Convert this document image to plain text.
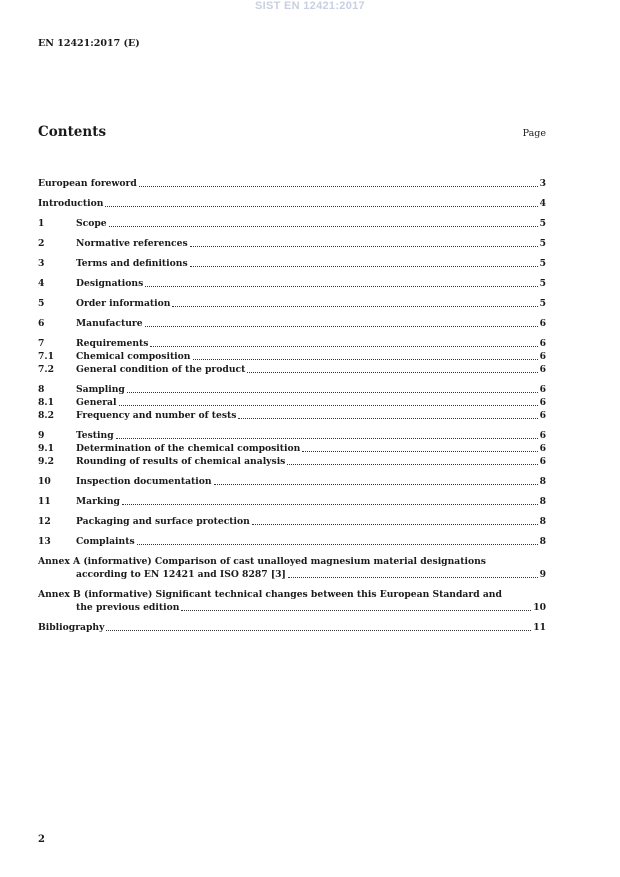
SIST EN 12421:2017
EN 12421:2017 (E)
Contents	Page
European foreword	3
Introduction	4
1	Scope	5
2	Normative references	5
3	Terms and definitions	5
4	Designations	5
5	Order information	5
6	Manufacture	6
7	Requirements	6
7.1	Chemical composition	6
7.2	General condition of the product	6
8	Sampling	6
8.1	General	6
8.2	Frequency and number of tests	6
9	Testing	6
9.1	Determination of the chemical composition	6
9.2	Rounding of results of chemical analysis	6
10	Inspection documentation	8
11	Marking	8
12	Packaging and surface protection	8
13	Complaints	8
Annex A (informative) Comparison of cast unalloyed magnesium material designations
according to EN 12421 and ISO 8287 [3]	9
Annex B (informative) Significant technical changes between this European Standard and
the previous edition	10
Bibliography	11
2
